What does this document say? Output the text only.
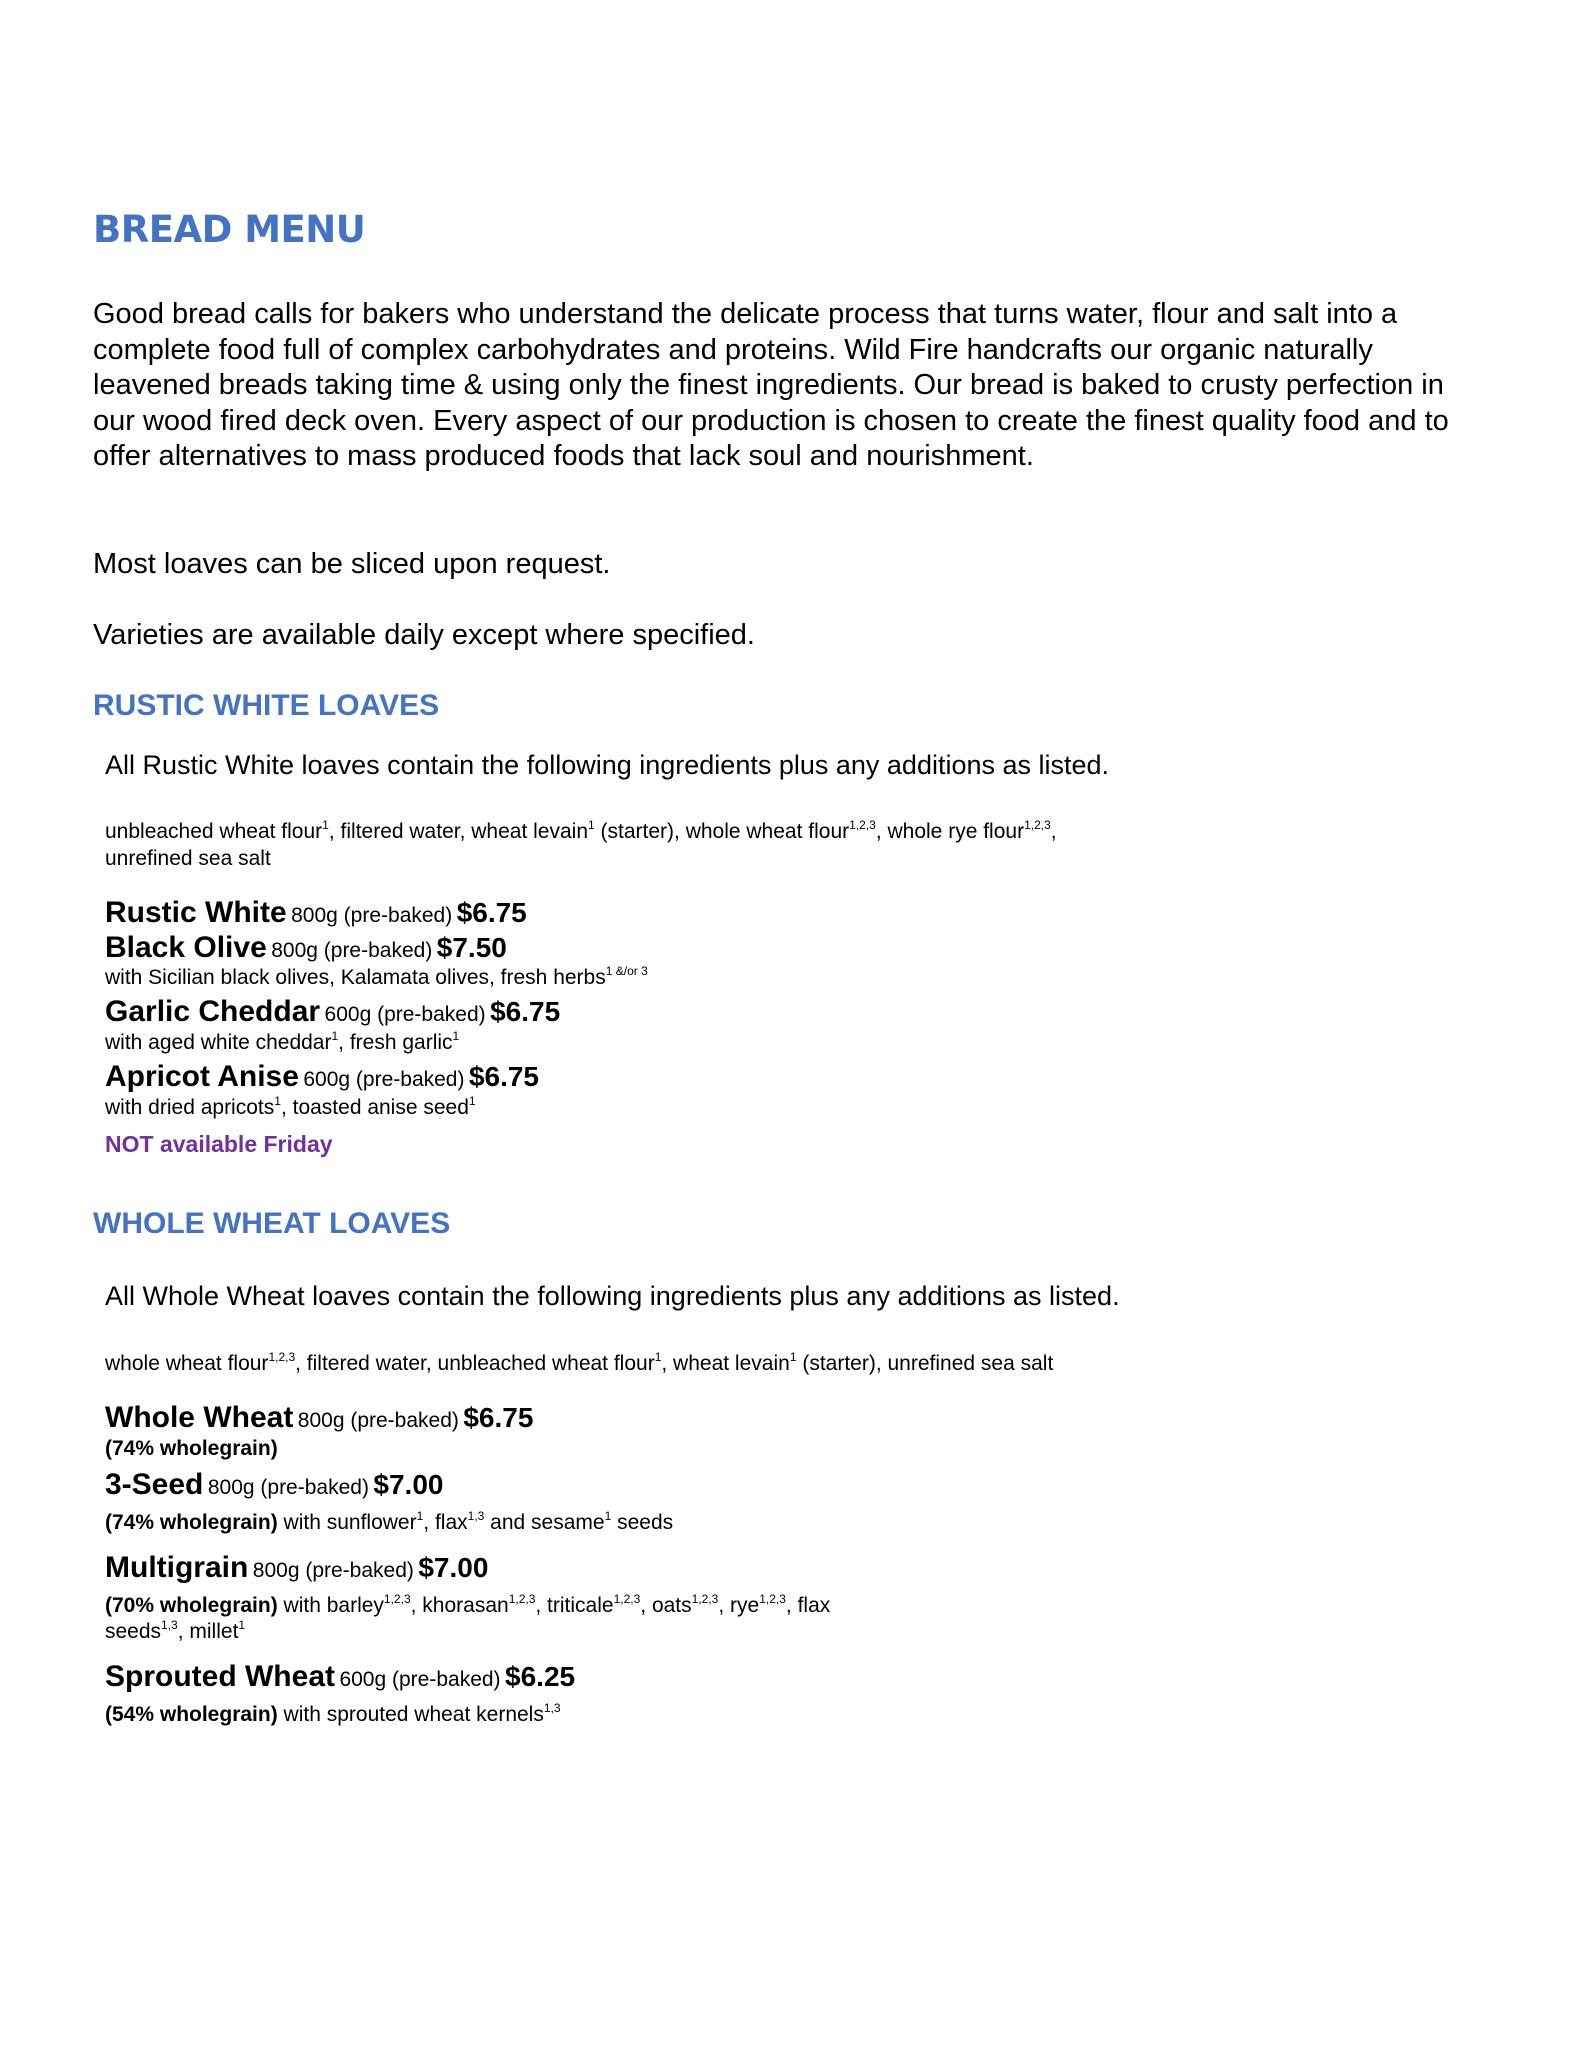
BREAD MENU

Good bread calls for bakers who understand the delicate process that turns water, flour and salt into a complete food full of complex carbohydrates and proteins. Wild Fire handcrafts our organic naturally leavened breads taking time & using only the finest ingredients. Our bread is baked to crusty perfection in our wood fired deck oven. Every aspect of our production is chosen to create the finest quality food and to offer alternatives to mass produced foods that lack soul and nourishment.

Most loaves can be sliced upon request.

Varieties are available daily except where specified.

RUSTIC WHITE LOAVES

All Rustic White loaves contain the following ingredients plus any additions as listed.

unbleached wheat flour$^1$, filtered water, wheat levain$^1$ (starter), whole wheat flour$^{1,2,3}$, whole rye flour$^{1,2,3}$,
unrefined sea salt

Rustic White 800g (pre-baked) $6.75

Black Olive 800g (pre-baked) $7.50

with Sicilian black olives, Kalamata olives, fresh herbs$^{1 \&/or 3}$

Garlic Cheddar 600g (pre-baked) $6.75

with aged white cheddar$^1$, fresh garlic$^1$

Apricot Anise 600g (pre-baked) $6.75

with dried apricots$^1$, toasted anise seed$^1$

NOT available Friday

WHOLE WHEAT LOAVES

All Whole Wheat loaves contain the following ingredients plus any additions as listed.

whole wheat flour$^{1,2,3}$, filtered water, unbleached wheat flour$^1$, wheat levain$^1$ (starter), unrefined sea salt

Whole Wheat 800g (pre-baked) $6.75

(74% wholegrain)

3-Seed 800g (pre-baked) $7.00

(74% wholegrain) with sunflower$^1$, flax$^{1,3}$ and sesame$^1$ seeds

Multigrain 800g (pre-baked) $7.00

(70% wholegrain) with barley$^{1,2,3}$, khorasan$^{1,2,3}$, triticale$^{1,2,3}$, oats$^{1,2,3}$, rye$^{1,2,3}$, flax
seeds$^{1,3}$, millet$^1$

Sprouted Wheat 600g (pre-baked) $6.25

(54% wholegrain) with sprouted wheat kernels$^{1,3}$
